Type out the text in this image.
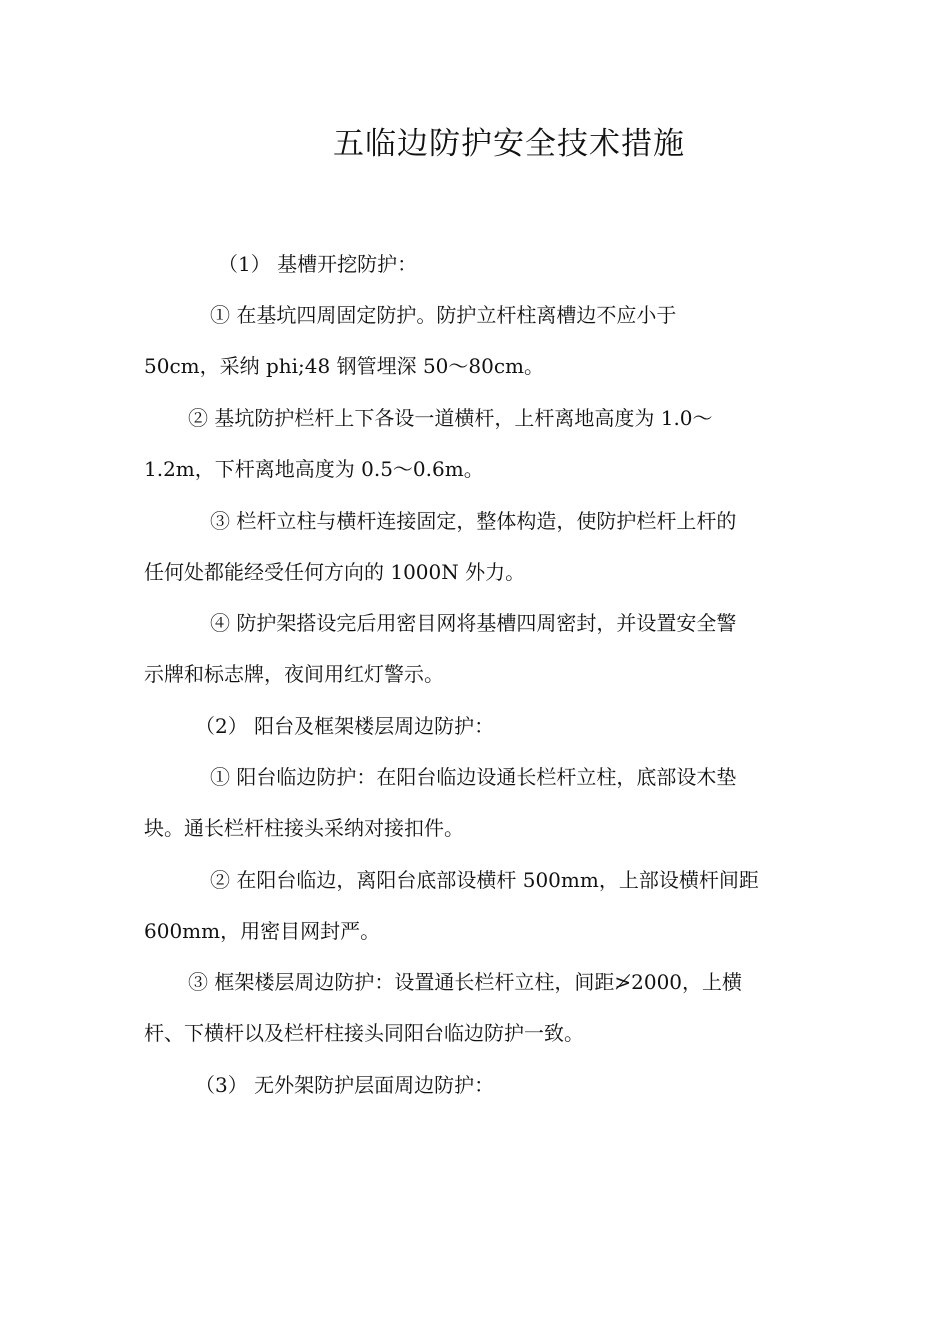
五临边防护安全技术措施
（1） 基槽开挖防护：
① 在基坑四周固定防护。防护立杆柱离槽边不应小于
50cm，采纳 phi;48 钢管埋深 50～80cm。
② 基坑防护栏杆上下各设一道横杆，上杆离地高度为 1.0～
1.2m，下杆离地高度为 0.5～0.6m。
③ 栏杆立柱与横杆连接固定，整体构造，使防护栏杆上杆的
任何处都能经受任何方向的 1000N 外力。
④ 防护架搭设完后用密目网将基槽四周密封，并设置安全警
示牌和标志牌，夜间用红灯警示。
（2） 阳台及框架楼层周边防护：
① 阳台临边防护：在阳台临边设通长栏杆立柱，底部设木垫
块。通长栏杆柱接头采纳对接扣件。
② 在阳台临边，离阳台底部设横杆 500mm，上部设横杆间距
600mm，用密目网封严。
③ 框架楼层周边防护：设置通长栏杆立柱，间距≯2000，上横
杆、下横杆以及栏杆柱接头同阳台临边防护一致。
（3） 无外架防护层面周边防护：
